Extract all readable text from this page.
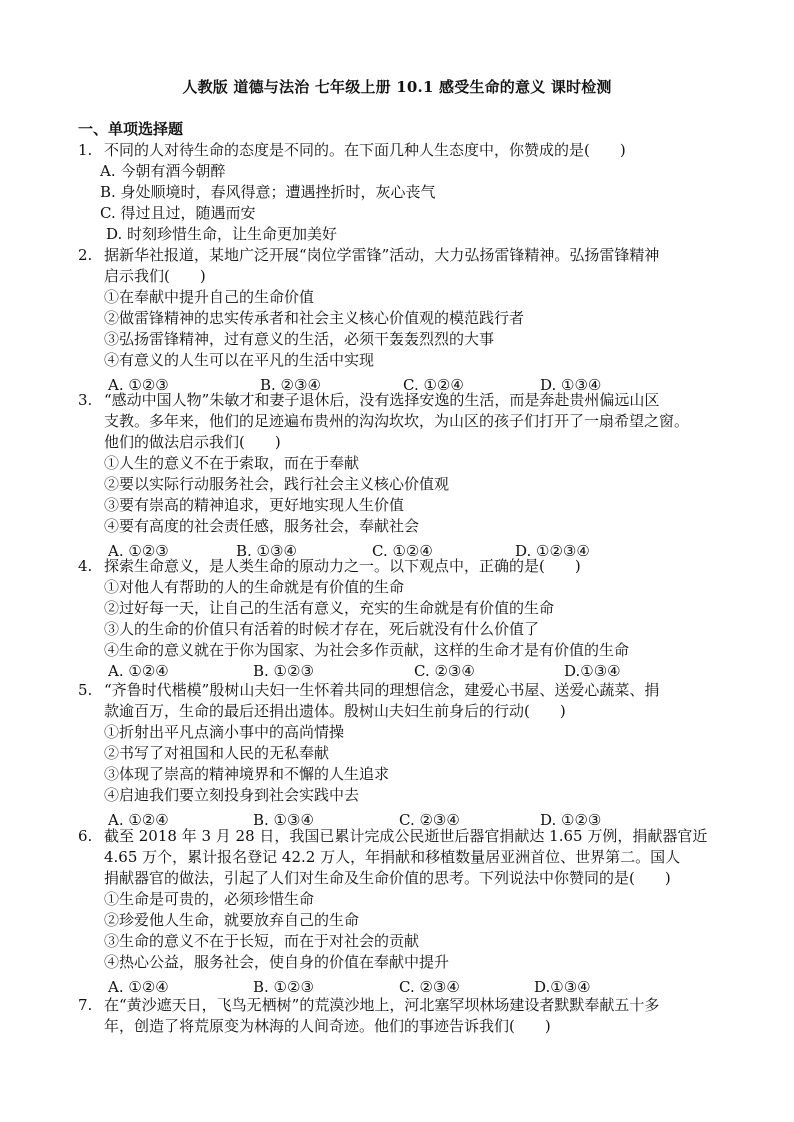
人教版 道德与法治 七年级上册 10.1 感受生命的意义 课时检测
一、单项选择题
1. 不同的人对待生命的态度是不同的。在下面几种人生态度中，你赞成的是(　　)
A. 今朝有酒今朝醉
B. 身处顺境时，春风得意；遭遇挫折时，灰心丧气
C. 得过且过，随遇而安
D. 时刻珍惜生命，让生命更加美好
2. 据新华社报道，某地广泛开展“岗位学雷锋”活动，大力弘扬雷锋精神。弘扬雷锋精神
启示我们(　　)
①在奉献中提升自己的生命价值
②做雷锋精神的忠实传承者和社会主义核心价值观的模范践行者
③弘扬雷锋精神，过有意义的生活，必须干轰轰烈烈的大事
④有意义的人生可以在平凡的生活中实现
A. ①②③	B. ②③④	C. ①②④	D. ①③④
3. “感动中国人物”朱敏才和妻子退休后，没有选择安逸的生活，而是奔赴贵州偏远山区
支教。多年来，他们的足迹遍布贵州的沟沟坎坎，为山区的孩子们打开了一扇希望之窗。
他们的做法启示我们(　　)
①人生的意义不在于索取，而在于奉献
②要以实际行动服务社会，践行社会主义核心价值观
③要有崇高的精神追求，更好地实现人生价值
④要有高度的社会责任感，服务社会，奉献社会
A. ①②③	B. ①③④	C. ①②④	D. ①②③④
4. 探索生命意义，是人类生命的原动力之一。以下观点中，正确的是(　　)
①对他人有帮助的人的生命就是有价值的生命
②过好每一天，让自己的生活有意义，充实的生命就是有价值的生命
③人的生命的价值只有活着的时候才存在，死后就没有什么价值了
④生命的意义就在于你为国家、为社会多作贡献，这样的生命才是有价值的生命
A. ①②④	B. ①②③	C. ②③④	D.①③④
5. “齐鲁时代楷模”殷树山夫妇一生怀着共同的理想信念，建爱心书屋、送爱心蔬菜、捐
款逾百万，生命的最后还捐出遗体。殷树山夫妇生前身后的行动(　　)
①折射出平凡点滴小事中的高尚情操
②书写了对祖国和人民的无私奉献
③体现了崇高的精神境界和不懈的人生追求
④启迪我们要立刻投身到社会实践中去
A. ①②④	B. ①③④	C. ②③④	D. ①②③
6. 截至 2018 年 3 月 28 日，我国已累计完成公民逝世后器官捐献达 1.65 万例，捐献器官近
4.65 万个，累计报名登记 42.2 万人，年捐献和移植数量居亚洲首位、世界第二。国人
捐献器官的做法，引起了人们对生命及生命价值的思考。下列说法中你赞同的是(　　)
①生命是可贵的，必须珍惜生命
②珍爱他人生命，就要放弃自己的生命
③生命的意义不在于长短，而在于对社会的贡献
④热心公益，服务社会，使自身的价值在奉献中提升
A. ①②④	B. ①②③	C. ②③④	D.①③④
7. 在“黄沙遮天日，飞鸟无栖树”的荒漠沙地上，河北塞罕坝林场建设者默默奉献五十多
年，创造了将荒原变为林海的人间奇迹。他们的事迹告诉我们(　　)
